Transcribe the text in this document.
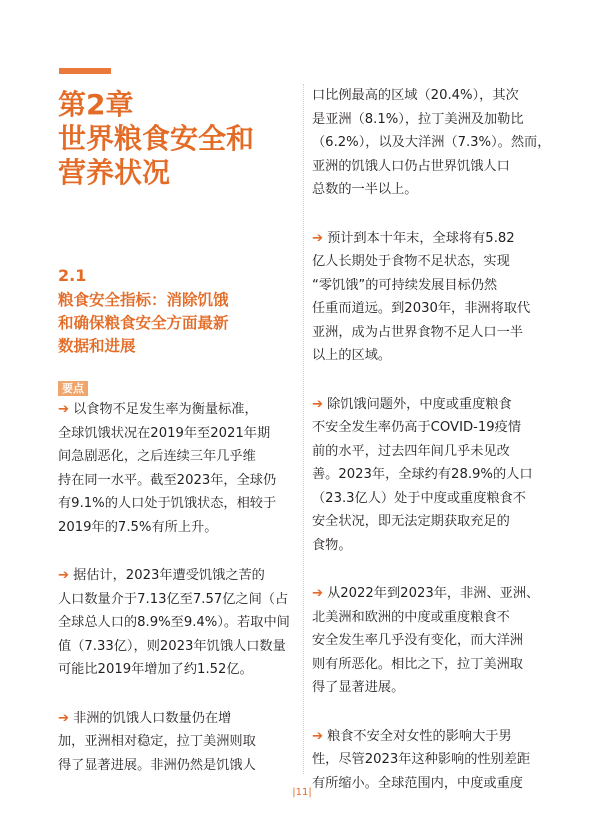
第2章
世界粮食安全和
营养状况
2.1
粮食安全指标：消除饥饿
和确保粮食安全方面最新
数据和进展
要点
➔ 以食物不足发生率为衡量标准，
全球饥饿状况在2019年至2021年期
间急剧恶化，之后连续三年几乎维
持在同一水平。截至2023年，全球仍
有9.1%的人口处于饥饿状态，相较于
2019年的7.5%有所上升。
➔ 据估计，2023年遭受饥饿之苦的
人口数量介于7.13亿至7.57亿之间（占
全球总人口的8.9%至9.4%）。若取中间
值（7.33亿），则2023年饥饿人口数量
可能比2019年增加了约1.52亿。
➔ 非洲的饥饿人口数量仍在增
加，亚洲相对稳定，拉丁美洲则取
得了显著进展。非洲仍然是饥饿人
口比例最高的区域（20.4%），其次
是亚洲（8.1%），拉丁美洲及加勒比
（6.2%），以及大洋洲（7.3%）。然而，
亚洲的饥饿人口仍占世界饥饿人口
总数的一半以上。
➔ 预计到本十年末，全球将有5.82
亿人长期处于食物不足状态，实现
“零饥饿”的可持续发展目标仍然
任重而道远。到2030年，非洲将取代
亚洲，成为占世界食物不足人口一半
以上的区域。
➔ 除饥饿问题外，中度或重度粮食
不安全发生率仍高于COVID-19疫情
前的水平，过去四年间几乎未见改
善。2023年，全球约有28.9%的人口
（23.3亿人）处于中度或重度粮食不
安全状况，即无法定期获取充足的
食物。
➔ 从2022年到2023年，非洲、亚洲、
北美洲和欧洲的中度或重度粮食不
安全发生率几乎没有变化，而大洋洲
则有所恶化。相比之下，拉丁美洲取
得了显著进展。
➔ 粮食不安全对女性的影响大于男
性，尽管2023年这种影响的性别差距
有所缩小。全球范围内，中度或重度
|11|
